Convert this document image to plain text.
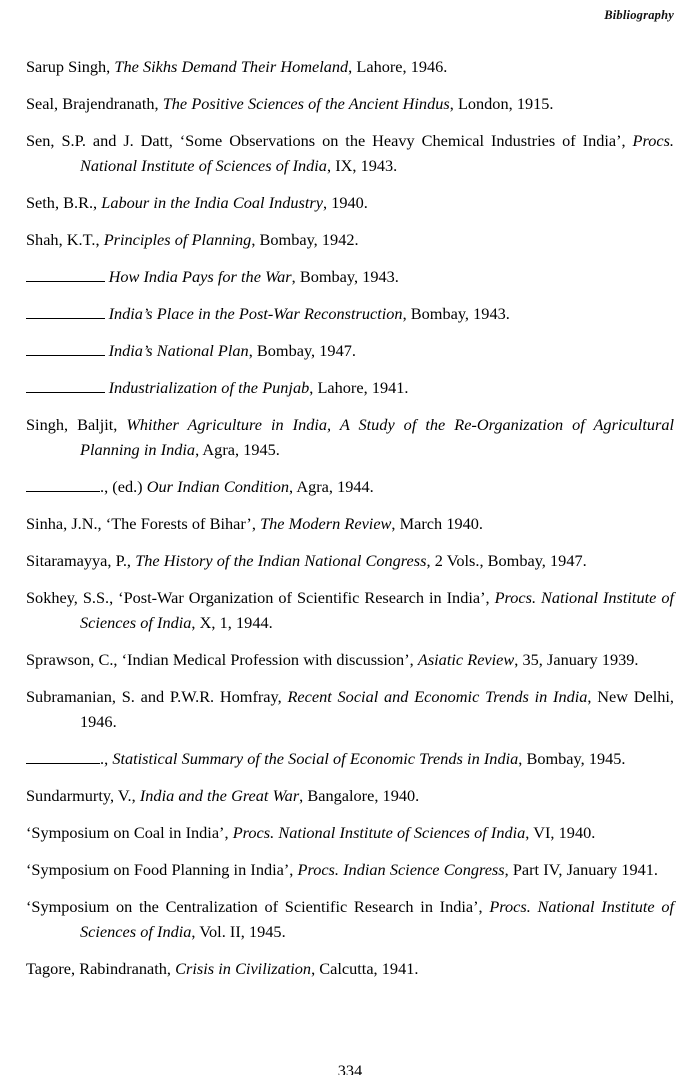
Bibliography

Sarup Singh, The Sikhs Demand Their Homeland, Lahore, 1946.

Seal, Brajendranath, The Positive Sciences of the Ancient Hindus, London, 1915.

Sen, S.P. and J. Datt, ‘Some Observations on the Heavy Chemical Industries of India’, Procs. National Institute of Sciences of India, IX, 1943.

Seth, B.R., Labour in the India Coal Industry, 1940.

Shah, K.T., Principles of Planning, Bombay, 1942.

How India Pays for the War, Bombay, 1943.

India’s Place in the Post-War Reconstruction, Bombay, 1943.

India’s National Plan, Bombay, 1947.

Industrialization of the Punjab, Lahore, 1941.

Singh, Baljit, Whither Agriculture in India, A Study of the Re-Organization of Agricultural Planning in India, Agra, 1945.

., (ed.) Our Indian Condition, Agra, 1944.

Sinha, J.N., ‘The Forests of Bihar’, The Modern Review, March 1940.

Sitaramayya, P., The History of the Indian National Congress, 2 Vols., Bombay, 1947.

Sokhey, S.S., ‘Post-War Organization of Scientific Research in India’, Procs. National Institute of Sciences of India, X, 1, 1944.

Sprawson, C., ‘Indian Medical Profession with discussion’, Asiatic Review, 35, January 1939.

Subramanian, S. and P.W.R. Homfray, Recent Social and Economic Trends in India, New Delhi, 1946.

., Statistical Summary of the Social of Economic Trends in India, Bombay, 1945.

Sundarmurty, V., India and the Great War, Bangalore, 1940.

‘Symposium on Coal in India’, Procs. National Institute of Sciences of India, VI, 1940.

‘Symposium on Food Planning in India’, Procs. Indian Science Congress, Part IV, January 1941.

‘Symposium on the Centralization of Scientific Research in India’, Procs. National Institute of Sciences of India, Vol. II, 1945.

Tagore, Rabindranath, Crisis in Civilization, Calcutta, 1941.

334
